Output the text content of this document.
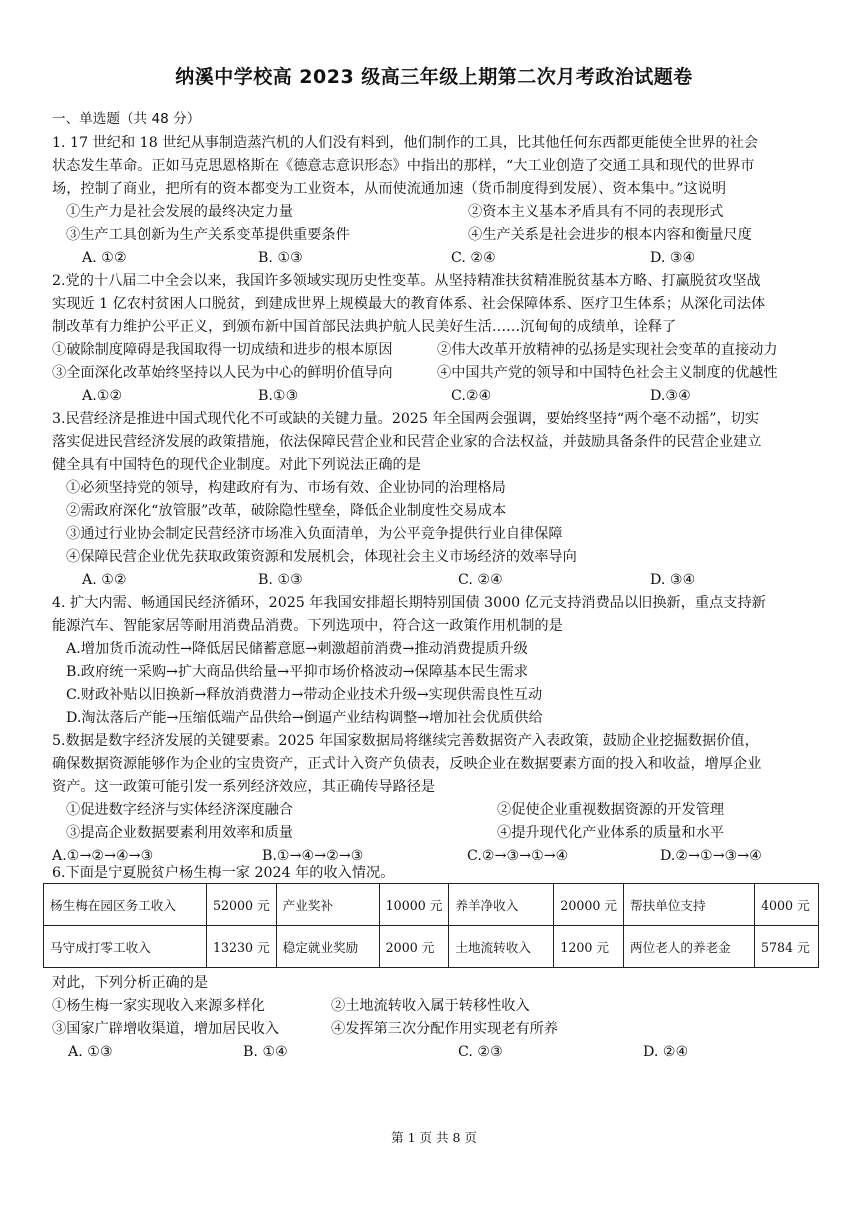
纳溪中学校高 2023 级高三年级上期第二次月考政治试题卷
一、单选题（共 48 分）
1. 17 世纪和 18 世纪从事制造蒸汽机的人们没有料到，他们制作的工具，比其他任何东西都更能使全世界的社会
状态发生革命。正如马克思恩格斯在《德意志意识形态》中指出的那样，“大工业创造了交通工具和现代的世界市
场，控制了商业，把所有的资本都变为工业资本，从而使流通加速（货币制度得到发展）、资本集中。”这说明
①生产力是社会发展的最终决定力量	②资本主义基本矛盾具有不同的表现形式
③生产工具创新为生产关系变革提供重要条件	④生产关系是社会进步的根本内容和衡量尺度
A. ①②	B. ①③	C. ②④	D. ③④
2.党的十八届二中全会以来，我国许多领域实现历史性变革。从坚持精准扶贫精准脱贫基本方略、打赢脱贫攻坚战
实现近 1 亿农村贫困人口脱贫，到建成世界上规模最大的教育体系、社会保障体系、医疗卫生体系；从深化司法体
制改革有力维护公平正义，到颁布新中国首部民法典护航人民美好生活……沉甸甸的成绩单，诠释了
①破除制度障碍是我国取得一切成绩和进步的根本原因	②伟大改革开放精神的弘扬是实现社会变革的直接动力
③全面深化改革始终坚持以人民为中心的鲜明价值导向	④中国共产党的领导和中国特色社会主义制度的优越性
A.①②	B.①③	C.②④	D.③④
3.民营经济是推进中国式现代化不可或缺的关键力量。2025 年全国两会强调，要始终坚持“两个毫不动摇”，切实
落实促进民营经济发展的政策措施，依法保障民营企业和民营企业家的合法权益，并鼓励具备条件的民营企业建立
健全具有中国特色的现代企业制度。对此下列说法正确的是
①必须坚持党的领导，构建政府有为、市场有效、企业协同的治理格局
②需政府深化“放管服”改革，破除隐性壁垒，降低企业制度性交易成本
③通过行业协会制定民营经济市场准入负面清单，为公平竞争提供行业自律保障
④保障民营企业优先获取政策资源和发展机会，体现社会主义市场经济的效率导向
A. ①②	B. ①③	C. ②④	D. ③④
4. 扩大内需、畅通国民经济循环，2025 年我国安排超长期特别国债 3000 亿元支持消费品以旧换新，重点支持新
能源汽车、智能家居等耐用消费品消费。下列选项中，符合这一政策作用机制的是
A.增加货币流动性→降低居民储蓄意愿→刺激超前消费→推动消费提质升级
B.政府统一采购→扩大商品供给量→平抑市场价格波动→保障基本民生需求
C.财政补贴以旧换新→释放消费潜力→带动企业技术升级→实现供需良性互动
D.淘汰落后产能→压缩低端产品供给→倒逼产业结构调整→增加社会优质供给
5.数据是数字经济发展的关键要素。2025 年国家数据局将继续完善数据资产入表政策，鼓励企业挖掘数据价值，
确保数据资源能够作为企业的宝贵资产，正式计入资产负债表，反映企业在数据要素方面的投入和收益，增厚企业
资产。这一政策可能引发一系列经济效应，其正确传导路径是
①促进数字经济与实体经济深度融合	②促使企业重视数据资源的开发管理
③提高企业数据要素利用效率和质量	④提升现代化产业体系的质量和水平
A.①→②→④→③	B.①→④→②→③	C.②→③→①→④	D.②→①→③→④
6.下面是宁夏脱贫户杨生梅一家 2024 年的收入情况。
杨生梅在园区务工收入	52000 元	产业奖补	10000 元	养羊净收入	20000 元	帮扶单位支持	4000 元
马守成打零工收入	13230 元	稳定就业奖励	2000 元	土地流转收入	1200 元	两位老人的养老金	5784 元
对此，下列分析正确的是
①杨生梅一家实现收入来源多样化	②土地流转收入属于转移性收入
③国家广辟增收渠道，增加居民收入	④发挥第三次分配作用实现老有所养
A. ①③	B. ①④	C. ②③	D. ②④
第 1 页 共 8 页
